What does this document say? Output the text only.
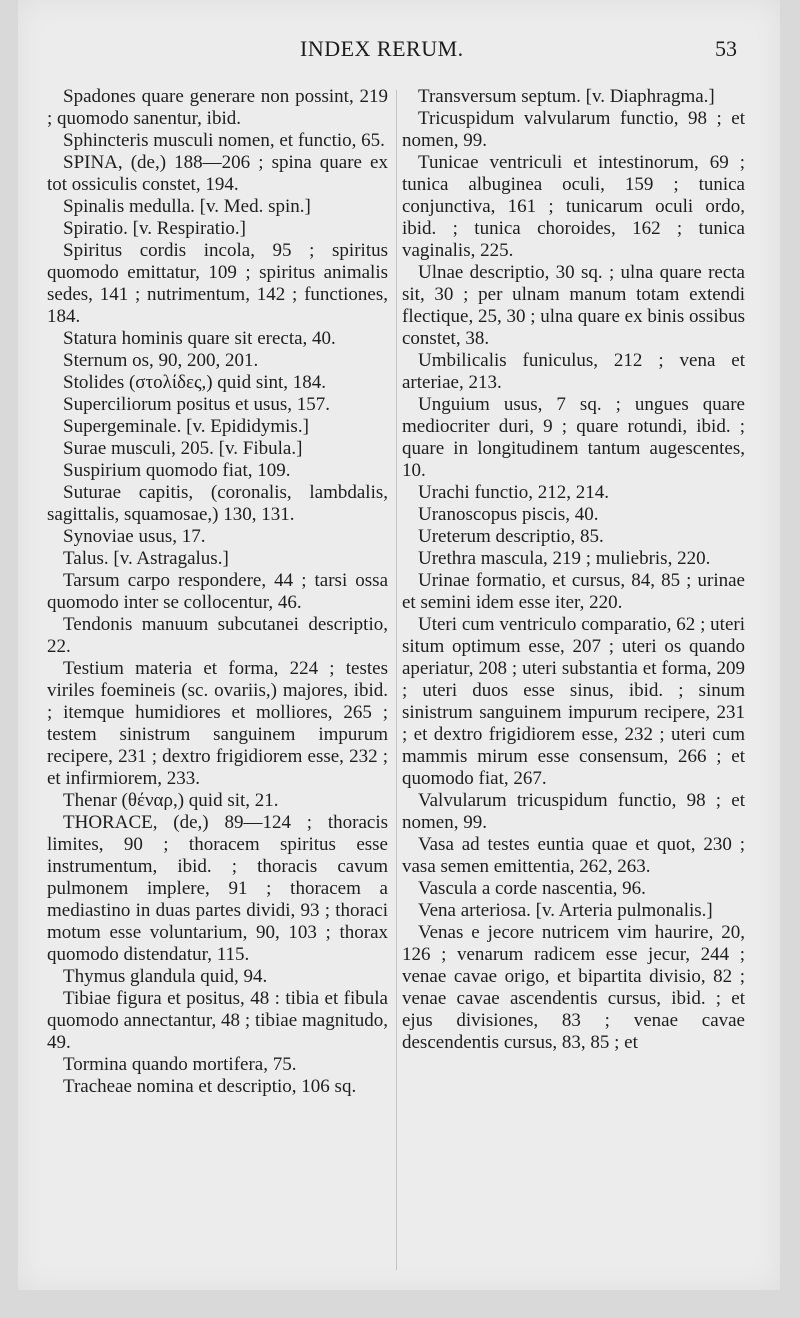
INDEX RERUM.	53

Spadones quare generare non possint, 219 ; quomodo sanentur, ibid.

Sphincteris musculi nomen, et functio, 65.

SPINA, (de,) 188—206 ; spina quare ex tot ossiculis constet, 194.

Spinalis medulla. [v. Med. spin.]

Spiratio. [v. Respiratio.]

Spiritus cordis incola, 95 ; spiritus quomodo emittatur, 109 ; spiritus animalis sedes, 141 ; nutrimentum, 142 ; functiones, 184.

Statura hominis quare sit erecta, 40.

Sternum os, 90, 200, 201.

Stolides (στολίδες,) quid sint, 184.

Superciliorum positus et usus, 157.

Supergeminale. [v. Epididymis.]

Surae musculi, 205. [v. Fibula.]

Suspirium quomodo fiat, 109.

Suturae capitis, (coronalis, lambdalis, sagittalis, squamosae,) 130, 131.

Synoviae usus, 17.

Talus. [v. Astragalus.]

Tarsum carpo respondere, 44 ; tarsi ossa quomodo inter se collocentur, 46.

Tendonis manuum subcutanei descriptio, 22.

Testium materia et forma, 224 ; testes viriles foemineis (sc. ovariis,) majores, ibid. ; itemque humidiores et molliores, 265 ; testem sinistrum sanguinem impurum recipere, 231 ; dextro frigidiorem esse, 232 ; et infirmiorem, 233.

Thenar (θέναρ,) quid sit, 21.

THORACE, (de,) 89—124 ; thoracis limites, 90 ; thoracem spiritus esse instrumentum, ibid. ; thoracis cavum pulmonem implere, 91 ; thoracem a mediastino in duas partes dividi, 93 ; thoraci motum esse voluntarium, 90, 103 ; thorax quomodo distendatur, 115.

Thymus glandula quid, 94.

Tibiae figura et positus, 48 : tibia et fibula quomodo annectantur, 48 ; tibiae magnitudo, 49.

Tormina quando mortifera, 75.

Tracheae nomina et descriptio, 106 sq.

Transversum septum. [v. Diaphragma.]

Tricuspidum valvularum functio, 98 ; et nomen, 99.

Tunicae ventriculi et intestinorum, 69 ; tunica albuginea oculi, 159 ; tunica conjunctiva, 161 ; tunicarum oculi ordo, ibid. ; tunica choroides, 162 ; tunica vaginalis, 225.

Ulnae descriptio, 30 sq. ; ulna quare recta sit, 30 ; per ulnam manum totam extendi flectique, 25, 30 ; ulna quare ex binis ossibus constet, 38.

Umbilicalis funiculus, 212 ; vena et arteriae, 213.

Unguium usus, 7 sq. ; ungues quare mediocriter duri, 9 ; quare rotundi, ibid. ; quare in longitudinem tantum augescentes, 10.

Urachi functio, 212, 214.

Uranoscopus piscis, 40.

Ureterum descriptio, 85.

Urethra mascula, 219 ; muliebris, 220.

Urinae formatio, et cursus, 84, 85 ; urinae et semini idem esse iter, 220.

Uteri cum ventriculo comparatio, 62 ; uteri situm optimum esse, 207 ; uteri os quando aperiatur, 208 ; uteri substantia et forma, 209 ; uteri duos esse sinus, ibid. ; sinum sinistrum sanguinem impurum recipere, 231 ; et dextro frigidiorem esse, 232 ; uteri cum mammis mirum esse consensum, 266 ; et quomodo fiat, 267.

Valvularum tricuspidum functio, 98 ; et nomen, 99.

Vasa ad testes euntia quae et quot, 230 ; vasa semen emittentia, 262, 263.

Vascula a corde nascentia, 96.

Vena arteriosa. [v. Arteria pulmonalis.]

Venas e jecore nutricem vim haurire, 20, 126 ; venarum radicem esse jecur, 244 ; venae cavae origo, et bipartita divisio, 82 ; venae cavae ascendentis cursus, ibid. ; et ejus divisiones, 83 ; venae cavae descendentis cursus, 83, 85 ; et
